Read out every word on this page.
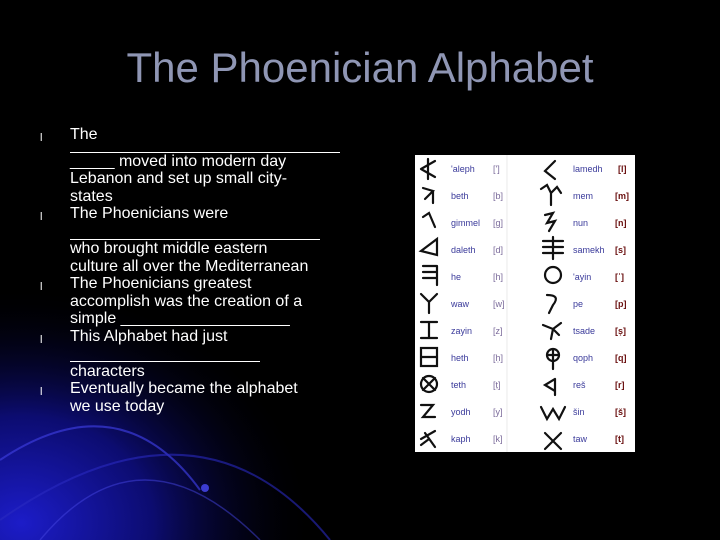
The Phoenician Alphabet
l The
_____ moved into modern day
Lebanon and set up small city-
states
l The Phoenicians were
who brought middle eastern
culture all over the Mediterranean
l The Phoenicians greatest
accomplish was the creation of a
simple ___________________
l This Alphabet had just
characters
l Eventually became the alphabet
we use today
'aleph [']
beth	[b]
gimmel [g]
daleth [d]
he	[h]
waw	[w]
zayin [z]
heth	[ḥ]
teth	[ṭ]
yodh [y]
kaph [k]
lamedh [l]
mem [m]
nun	[n]
samekh [s]
'ayin	[ʿ]
pe	[p]
tsade [ṣ]
qoph [q]
reš	[r]
šin	[š]
taw	[t]
